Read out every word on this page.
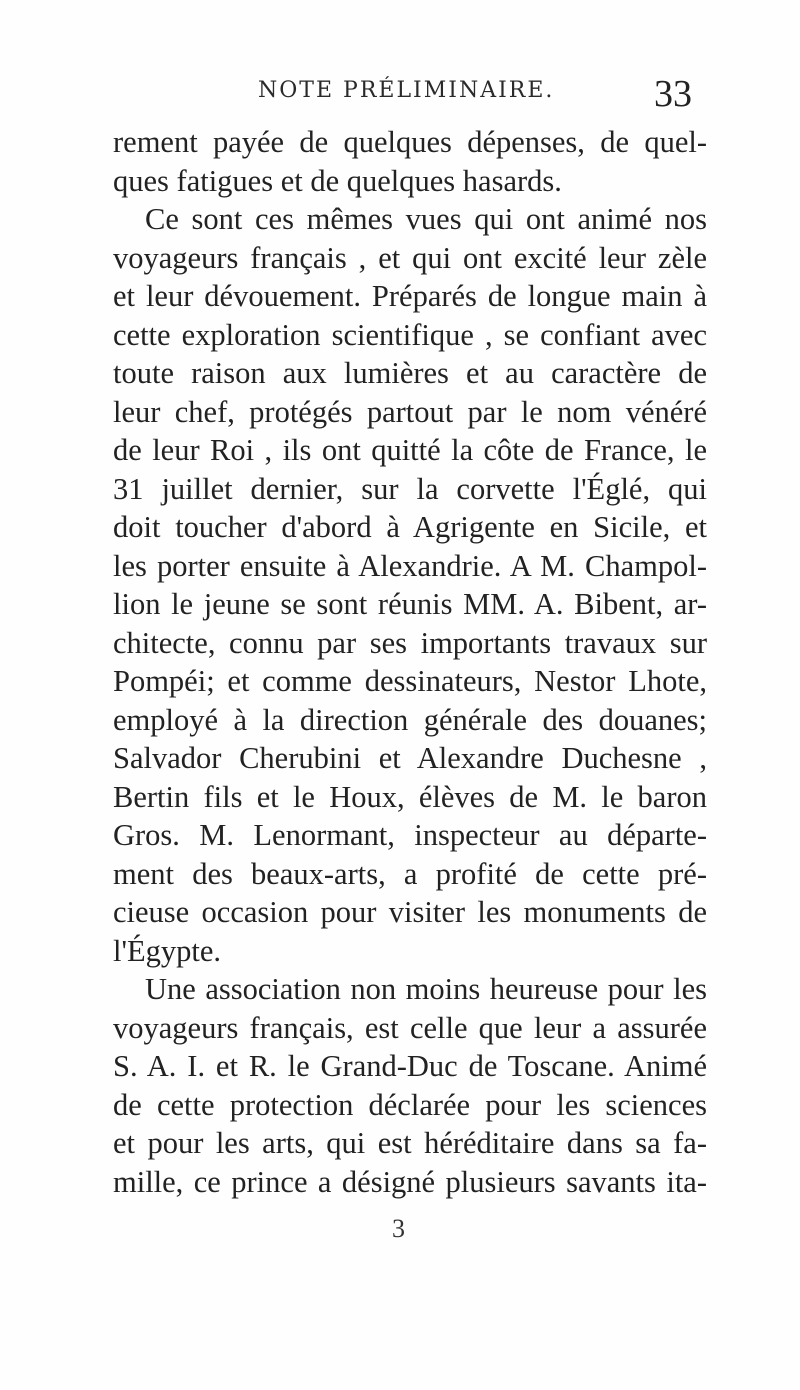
NOTE PRÉLIMINAIRE.	33
rement payée de quelques dépenses, de quel-
ques fatigues et de quelques hasards.
Ce sont ces mêmes vues qui ont animé nos
voyageurs français , et qui ont excité leur zèle
et leur dévouement. Préparés de longue main à
cette exploration scientifique , se confiant avec
toute raison aux lumières et au caractère de
leur chef, protégés partout par le nom vénéré
de leur Roi , ils ont quitté la côte de France, le
31 juillet dernier, sur la corvette l'Églé, qui
doit toucher d'abord à Agrigente en Sicile, et
les porter ensuite à Alexandrie. A M. Champol-
lion le jeune se sont réunis MM. A. Bibent, ar-
chitecte, connu par ses importants travaux sur
Pompéi; et comme dessinateurs, Nestor Lhote,
employé à la direction générale des douanes;
Salvador Cherubini et Alexandre Duchesne ,
Bertin fils et le Houx, élèves de M. le baron
Gros. M. Lenormant, inspecteur au départe-
ment des beaux-arts, a profité de cette pré-
cieuse occasion pour visiter les monuments de
l'Égypte.
Une association non moins heureuse pour les
voyageurs français, est celle que leur a assurée
S. A. I. et R. le Grand-Duc de Toscane. Animé
de cette protection déclarée pour les sciences
et pour les arts, qui est héréditaire dans sa fa-
mille, ce prince a désigné plusieurs savants ita-
3
